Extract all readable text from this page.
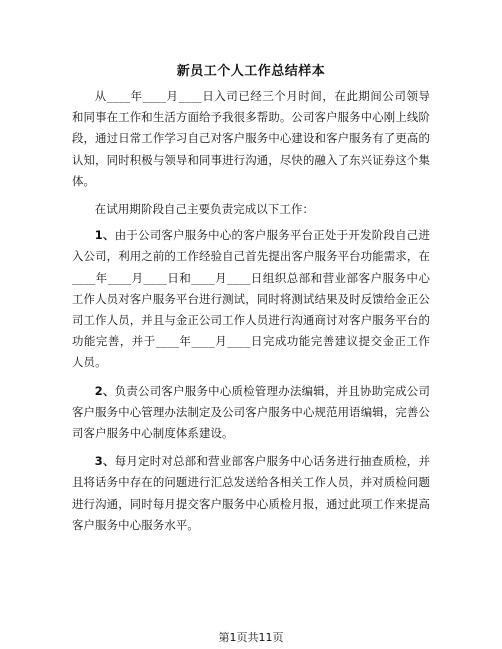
新员工个人工作总结样本

从____年____月____日入司已经三个月时间，在此期间公司领导和同事在工作和生活方面给予我很多帮助。公司客户服务中心刚上线阶段，通过日常工作学习自己对客户服务中心建设和客户服务有了更高的认知，同时积极与领导和同事进行沟通，尽快的融入了东兴证券这个集体。

在试用期阶段自己主要负责完成以下工作：

1、由于公司客户服务中心的客户服务平台正处于开发阶段自己进入公司，利用之前的工作经验自己首先提出客户服务平台功能需求，在____年____月____日和____月____日组织总部和营业部客户服务中心工作人员对客户服务平台进行测试，同时将测试结果及时反馈给金正公司工作人员，并且与金正公司工作人员进行沟通商讨对客户服务平台的功能完善，并于____年____月____日完成功能完善建议提交金正工作人员。

2、负责公司客户服务中心质检管理办法编辑，并且协助完成公司客户服务中心管理办法制定及公司客户服务中心规范用语编辑，完善公司客户服务中心制度体系建设。

3、每月定时对总部和营业部客户服务中心话务进行抽查质检，并且将话务中存在的问题进行汇总发送给各相关工作人员，并对质检问题进行沟通，同时每月提交客户服务中心质检月报，通过此项工作来提高客户服务中心服务水平。

第1页共11页
